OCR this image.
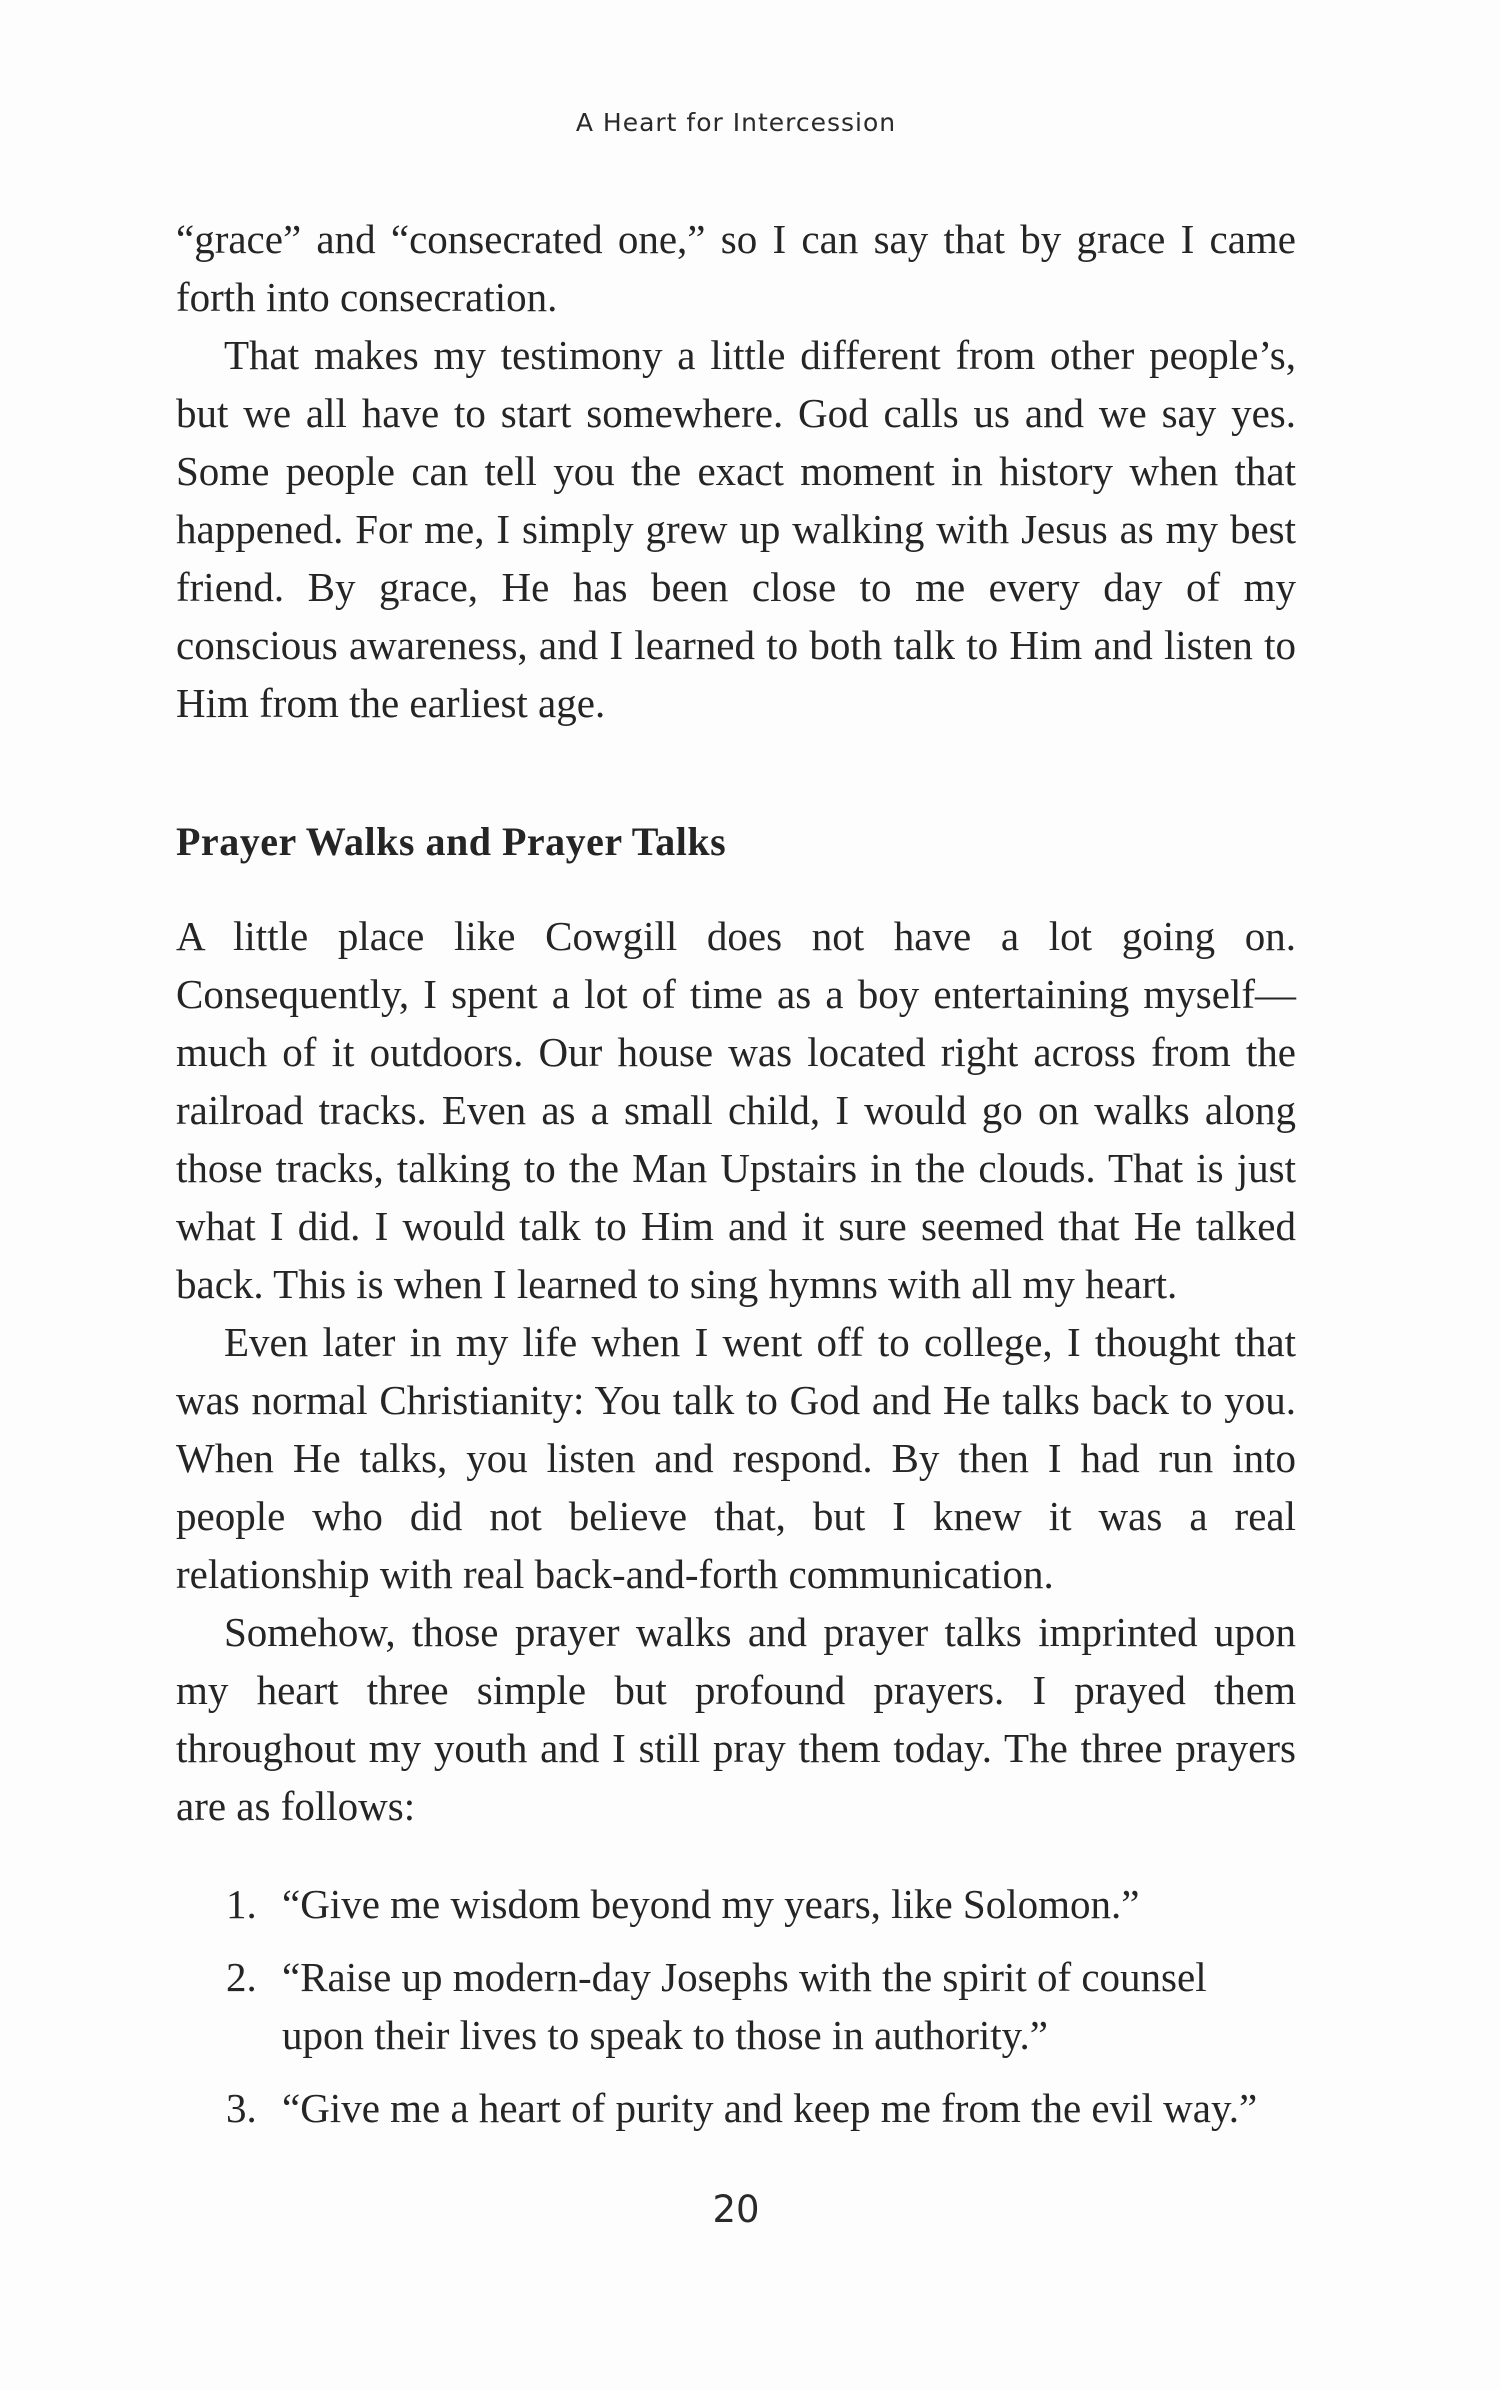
A Heart for Intercession

“grace” and “consecrated one,” so I can say that by grace I came forth into consecration.

That makes my testimony a little different from other people’s, but we all have to start somewhere. God calls us and we say yes. Some people can tell you the exact moment in history when that happened. For me, I simply grew up walking with Jesus as my best friend. By grace, He has been close to me every day of my conscious awareness, and I learned to both talk to Him and listen to Him from the earliest age.

Prayer Walks and Prayer Talks

A little place like Cowgill does not have a lot going on. Consequently, I spent a lot of time as a boy entertaining myself—much of it outdoors. Our house was located right across from the railroad tracks. Even as a small child, I would go on walks along those tracks, talking to the Man Upstairs in the clouds. That is just what I did. I would talk to Him and it sure seemed that He talked back. This is when I learned to sing hymns with all my heart.

Even later in my life when I went off to college, I thought that was normal Christianity: You talk to God and He talks back to you. When He talks, you listen and respond. By then I had run into people who did not believe that, but I knew it was a real relationship with real back-and-forth communication.

Somehow, those prayer walks and prayer talks imprinted upon my heart three simple but profound prayers. I prayed them throughout my youth and I still pray them today. The three prayers are as follows:

1. “Give me wisdom beyond my years, like Solomon.”
2. “Raise up modern-day Josephs with the spirit of counsel upon their lives to speak to those in authority.”
3. “Give me a heart of purity and keep me from the evil way.”
20
